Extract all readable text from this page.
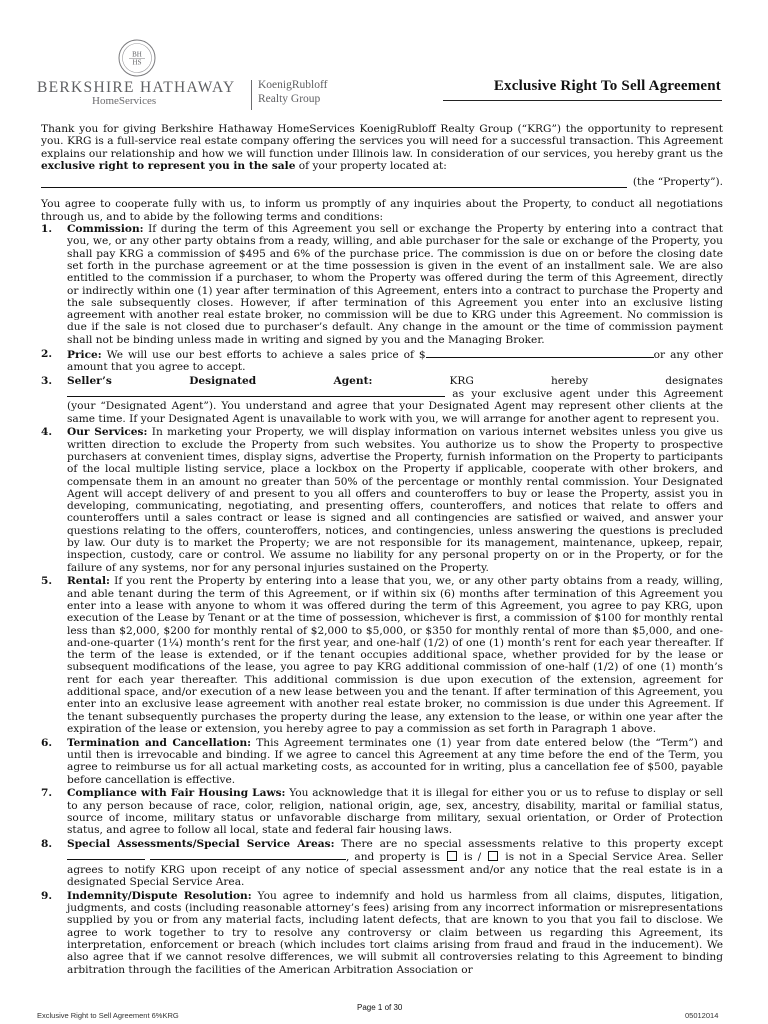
BH
HS
BERKSHIRE HATHAWAY
HomeServices
KoenigRubloff
Realty Group
Exclusive Right To Sell Agreement

Thank you for giving Berkshire Hathaway HomeServices KoenigRubloff Realty Group (“KRG”) the opportunity to represent you. KRG is a full-service real estate company offering the services you will need for a successful transaction. This Agreement explains our relationship and how we will function under Illinois law. In consideration of our services, you hereby grant us the exclusive right to represent you in the sale of your property located at:

(the “Property”).

You agree to cooperate fully with us, to inform us promptly of any inquiries about the Property, to conduct all negotiations through us, and to abide by the following terms and conditions:

1.	Commission: If during the term of this Agreement you sell or exchange the Property by entering into a contract that you, we, or any other party obtains from a ready, willing, and able purchaser for the sale or exchange of the Property, you shall pay KRG a commission of $495 and 6% of the purchase price. The commission is due on or before the closing date set forth in the purchase agreement or at the time possession is given in the event of an installment sale. We are also entitled to the commission if a purchaser, to whom the Property was offered during the term of this Agreement, directly or indirectly within one (1) year after termination of this Agreement, enters into a contract to purchase the Property and the sale subsequently closes. However, if after termination of this Agreement you enter into an exclusive listing agreement with another real estate broker, no commission will be due to KRG under this Agreement. No commission is due if the sale is not closed due to purchaser’s default. Any change in the amount or the time of commission payment shall not be binding unless made in writing and signed by you and the Managing Broker.
2.	Price: We will use our best efforts to achieve a sales price of $	or any other amount that you agree to accept.
3.	Seller’s Designated Agent:	KRG hereby designates  as your exclusive agent under this Agreement (your “Designated Agent”). You understand and agree that your Designated Agent may represent other clients at the same time. If your Designated Agent is unavailable to work with you, we will arrange for another agent to represent you.
4.	Our Services: In marketing your Property, we will display information on various internet websites unless you give us written direction to exclude the Property from such websites. You authorize us to show the Property to prospective purchasers at convenient times, display signs, advertise the Property, furnish information on the Property to participants of the local multiple listing service, place a lockbox on the Property if applicable, cooperate with other brokers, and compensate them in an amount no greater than 50% of the percentage or monthly rental commission. Your Designated Agent will accept delivery of and present to you all offers and counteroffers to buy or lease the Property, assist you in developing, communicating, negotiating, and presenting offers, counteroffers, and notices that relate to offers and counteroffers until a sales contract or lease is signed and all contingencies are satisfied or waived, and answer your questions relating to the offers, counteroffers, notices, and contingencies, unless answering the questions is precluded by law. Our duty is to market the Property; we are not responsible for its management, maintenance, upkeep, repair, inspection, custody, care or control. We assume no liability for any personal property on or in the Property, or for the failure of any systems, nor for any personal injuries sustained on the Property.
5.	Rental: If you rent the Property by entering into a lease that you, we, or any other party obtains from a ready, willing, and able tenant during the term of this Agreement, or if within six (6) months after termination of this Agreement you enter into a lease with anyone to whom it was offered during the term of this Agreement, you agree to pay KRG, upon execution of the Lease by Tenant or at the time of possession, whichever is first, a commission of $100 for monthly rental less than $2,000, $200 for monthly rental of $2,000 to $5,000, or $350 for monthly rental of more than $5,000, and one-and-one-quarter (1¼) month’s rent for the first year, and one-half (1/2) of one (1) month’s rent for each year thereafter. If the term of the lease is extended, or if the tenant occupies additional space, whether provided for by the lease or subsequent modifications of the lease, you agree to pay KRG additional commission of one-half (1/2) of one (1) month’s rent for each year thereafter. This additional commission is due upon execution of the extension, agreement for additional space, and/or execution of a new lease between you and the tenant. If after termination of this Agreement, you enter into an exclusive lease agreement with another real estate broker, no commission is due under this Agreement. If the tenant subsequently purchases the property during the lease, any extension to the lease, or within one year after the expiration of the lease or extension, you hereby agree to pay a commission as set forth in Paragraph 1 above.
6.	Termination and Cancellation: This Agreement terminates one (1) year from date entered below (the “Term”) and until then is irrevocable and binding. If we agree to cancel this Agreement at any time before the end of the Term, you agree to reimburse us for all actual marketing costs, as accounted for in writing, plus a cancellation fee of $500, payable before cancellation is effective.
7.	Compliance with Fair Housing Laws: You acknowledge that it is illegal for either you or us to refuse to display or sell to any person because of race, color, religion, national origin, age, sex, ancestry, disability, marital or familial status, source of income, military status or unfavorable discharge from military, sexual orientation, or Order of Protection status, and agree to follow all local, state and federal fair housing laws.
8.	Special Assessments/Special Service Areas: There are no special assessments relative to this property except  , and property is is /  is not in a Special Service Area. Seller agrees to notify KRG upon receipt of any notice of special assessment and/or any notice that the real estate is in a designated Special Service Area.
9.	Indemnity/Dispute Resolution: You agree to indemnify and hold us harmless from all claims, disputes, litigation, judgments, and costs (including reasonable attorney’s fees) arising from any incorrect information or misrepresentations supplied by you or from any material facts, including latent defects, that are known to you that you fail to disclose. We agree to work together to try to resolve any controversy or claim between us regarding this Agreement, its interpretation, enforcement or breach (which includes tort claims arising from fraud and fraud in the inducement). We also agree that if we cannot resolve differences, we will submit all controversies relating to this Agreement to binding arbitration through the facilities of the American Arbitration Association or
Exclusive Right to Sell Agreement 6%KRG
Page 1 of 30
05012014
